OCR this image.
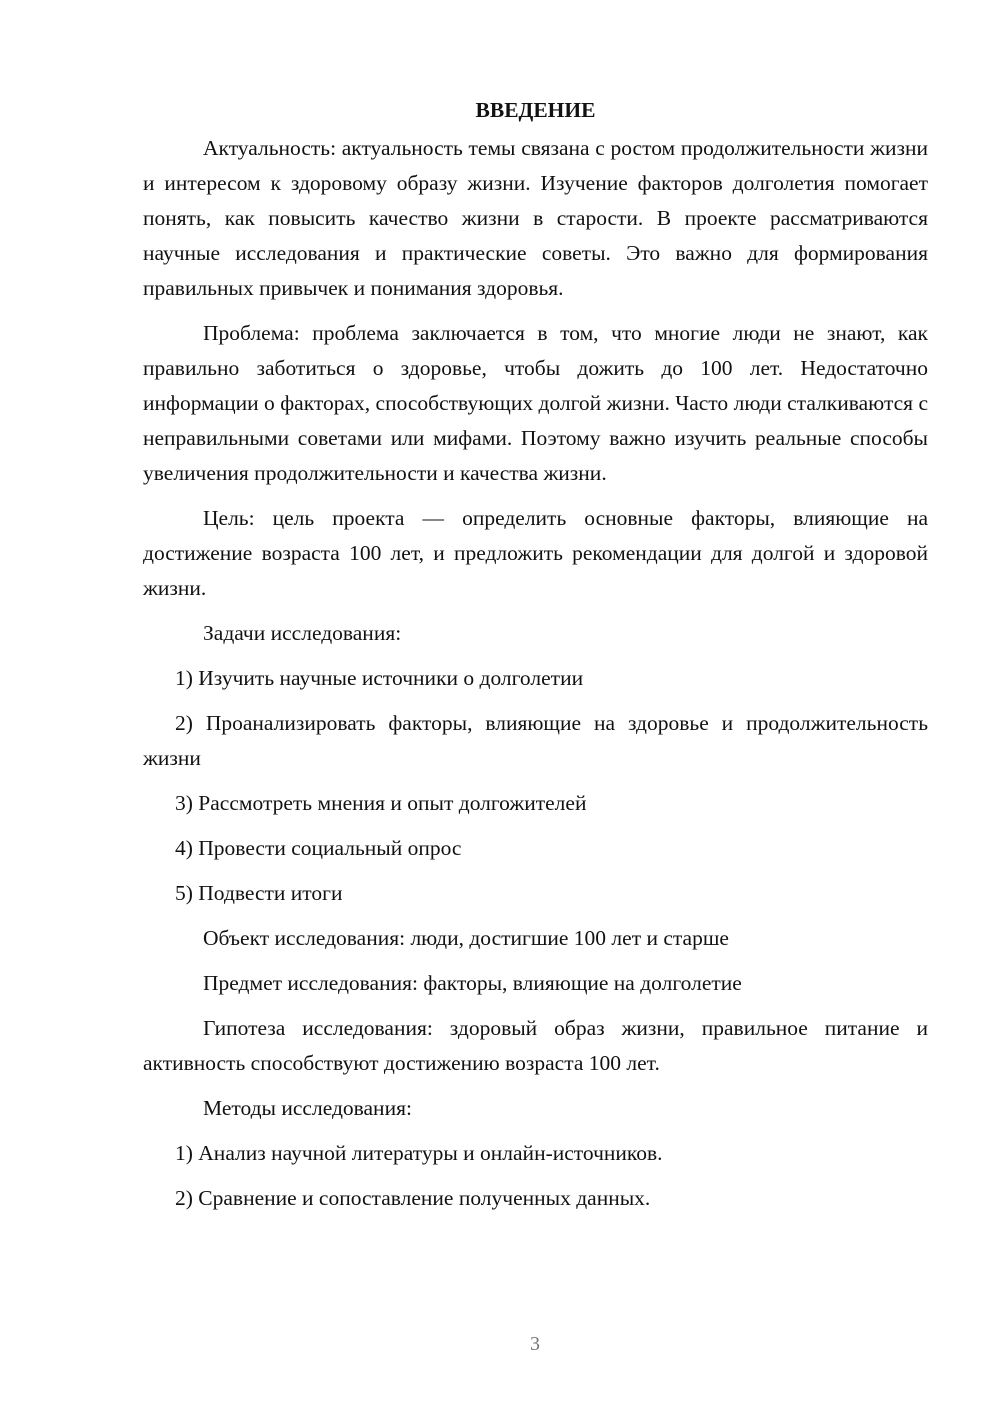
ВВЕДЕНИЕ

Актуальность: актуальность темы связана с ростом продолжительности жизни и интересом к здоровому образу жизни. Изучение факторов долголетия помогает понять, как повысить качество жизни в старости. В проекте рассматриваются научные исследования и практические советы. Это важно для формирования правильных привычек и понимания здоровья.

Проблема: проблема заключается в том, что многие люди не знают, как правильно заботиться о здоровье, чтобы дожить до 100 лет. Недостаточно информации о факторах, способствующих долгой жизни. Часто люди сталкиваются с неправильными советами или мифами. Поэтому важно изучить реальные способы увеличения продолжительности и качества жизни.

Цель: цель проекта — определить основные факторы, влияющие на достижение возраста 100 лет, и предложить рекомендации для долгой и здоровой жизни.

Задачи исследования:

1) Изучить научные источники о долголетии

2) Проанализировать факторы, влияющие на здоровье и продолжительность жизни

3) Рассмотреть мнения и опыт долгожителей

4) Провести социальный опрос

5) Подвести итоги

Объект исследования: люди, достигшие 100 лет и старше

Предмет исследования: факторы, влияющие на долголетие

Гипотеза исследования: здоровый образ жизни, правильное питание и активность способствуют достижению возраста 100 лет.

Методы исследования:

1) Анализ научной литературы и онлайн-источников.

2) Сравнение и сопоставление полученных данных.

3
